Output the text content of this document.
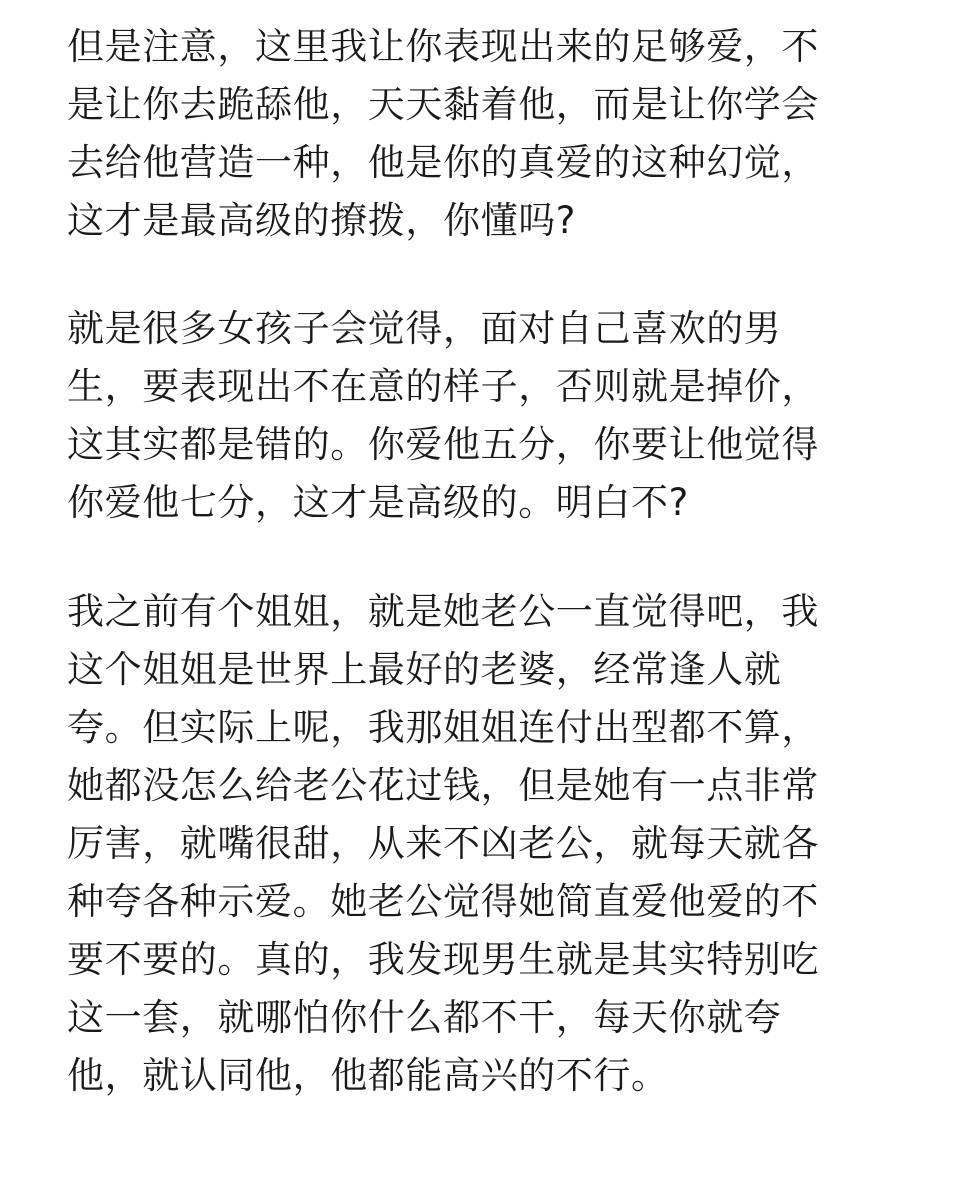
但是注意，这里我让你表现出来的足够爱，不
是让你去跪舔他，天天黏着他，而是让你学会
去给他营造一种，他是你的真爱的这种幻觉，
这才是最高级的撩拨，你懂吗?
就是很多女孩子会觉得，面对自己喜欢的男
生，要表现出不在意的样子，否则就是掉价，
这其实都是错的。你爱他五分，你要让他觉得
你爱他七分，这才是高级的。明白不?
我之前有个姐姐，就是她老公一直觉得吧，我
这个姐姐是世界上最好的老婆，经常逢人就
夸。但实际上呢，我那姐姐连付出型都不算，
她都没怎么给老公花过钱，但是她有一点非常
厉害，就嘴很甜，从来不凶老公，就每天就各
种夸各种示爱。她老公觉得她简直爱他爱的不
要不要的。真的，我发现男生就是其实特别吃
这一套，就哪怕你什么都不干，每天你就夸
他，就认同他，他都能高兴的不行。
